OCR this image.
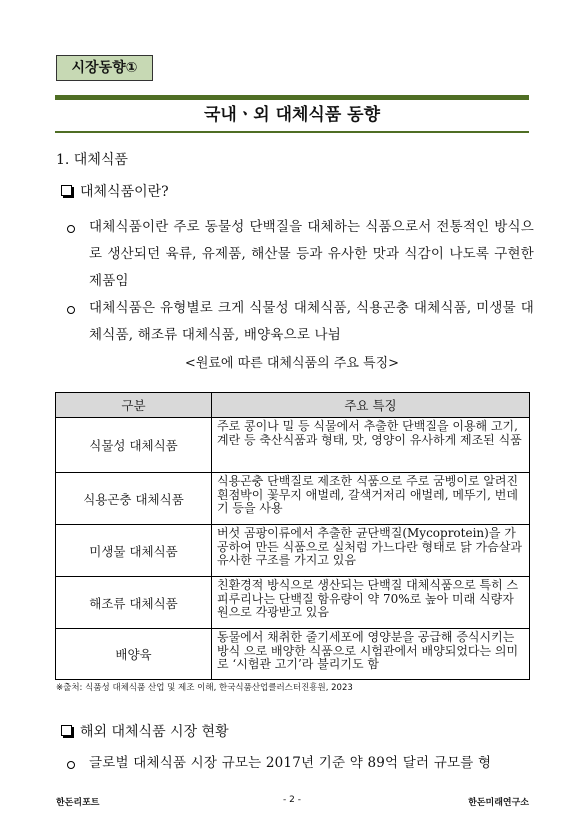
시장동향①
국내ㆍ외 대체식품 동향
1. 대체식품
대체식품이란?
대체식품이란 주로 동물성 단백질을 대체하는 식품으로서 전통적인 방식으로 생산되던 육류, 유제품, 해산물 등과 유사한 맛과 식감이 나도록 구현한 제품임
대체식품은 유형별로 크게 식물성 대체식품, 식용곤충 대체식품, 미생물 대체식품, 해조류 대체식품, 배양육으로 나뉨
<원료에 따른 대체식품의 주요 특징>
구분	주요 특징
식물성 대체식품	주로 콩이나 밀 등 식물에서 추출한 단백질을 이용해 고기, 계란 등 축산식품과 형태, 맛, 영양이 유사하게 제조된 식품
식용곤충 대체식품	식용곤충 단백질로 제조한 식품으로 주로 굼벵이로 알려진 흰점박이 꽃무지 애벌레, 갈색거저리 애벌레, 메뚜기, 번데기 등을 사용
미생물 대체식품	버섯 곰팡이류에서 추출한 균단백질(Mycoprotein)을 가공하여 만든 식품으로 실처럼 가느다란 형태로 닭 가슴살과 유사한 구조를 가지고 있음
해조류 대체식품	친환경적 방식으로 생산되는 단백질 대체식품으로 특히 스피루리나는 단백질 함유량이 약 70%로 높아 미래 식량자원으로 각광받고 있음
배양육	동물에서 채취한 줄기세포에 영양분을 공급해 증식시키는 방식 으로 배양한 식품으로 시험관에서 배양되었다는 의미로 ‘시험관 고기’라 불리기도 함
※출처: 식품성 대체식품 산업 및 제조 이해, 한국식품산업클러스터진흥원, 2023
해외 대체식품 시장 현황
글로벌 대체식품 시장 규모는 2017년 기준 약 89억 달러 규모를 형
한돈리포트	- 2 -	한돈미래연구소
